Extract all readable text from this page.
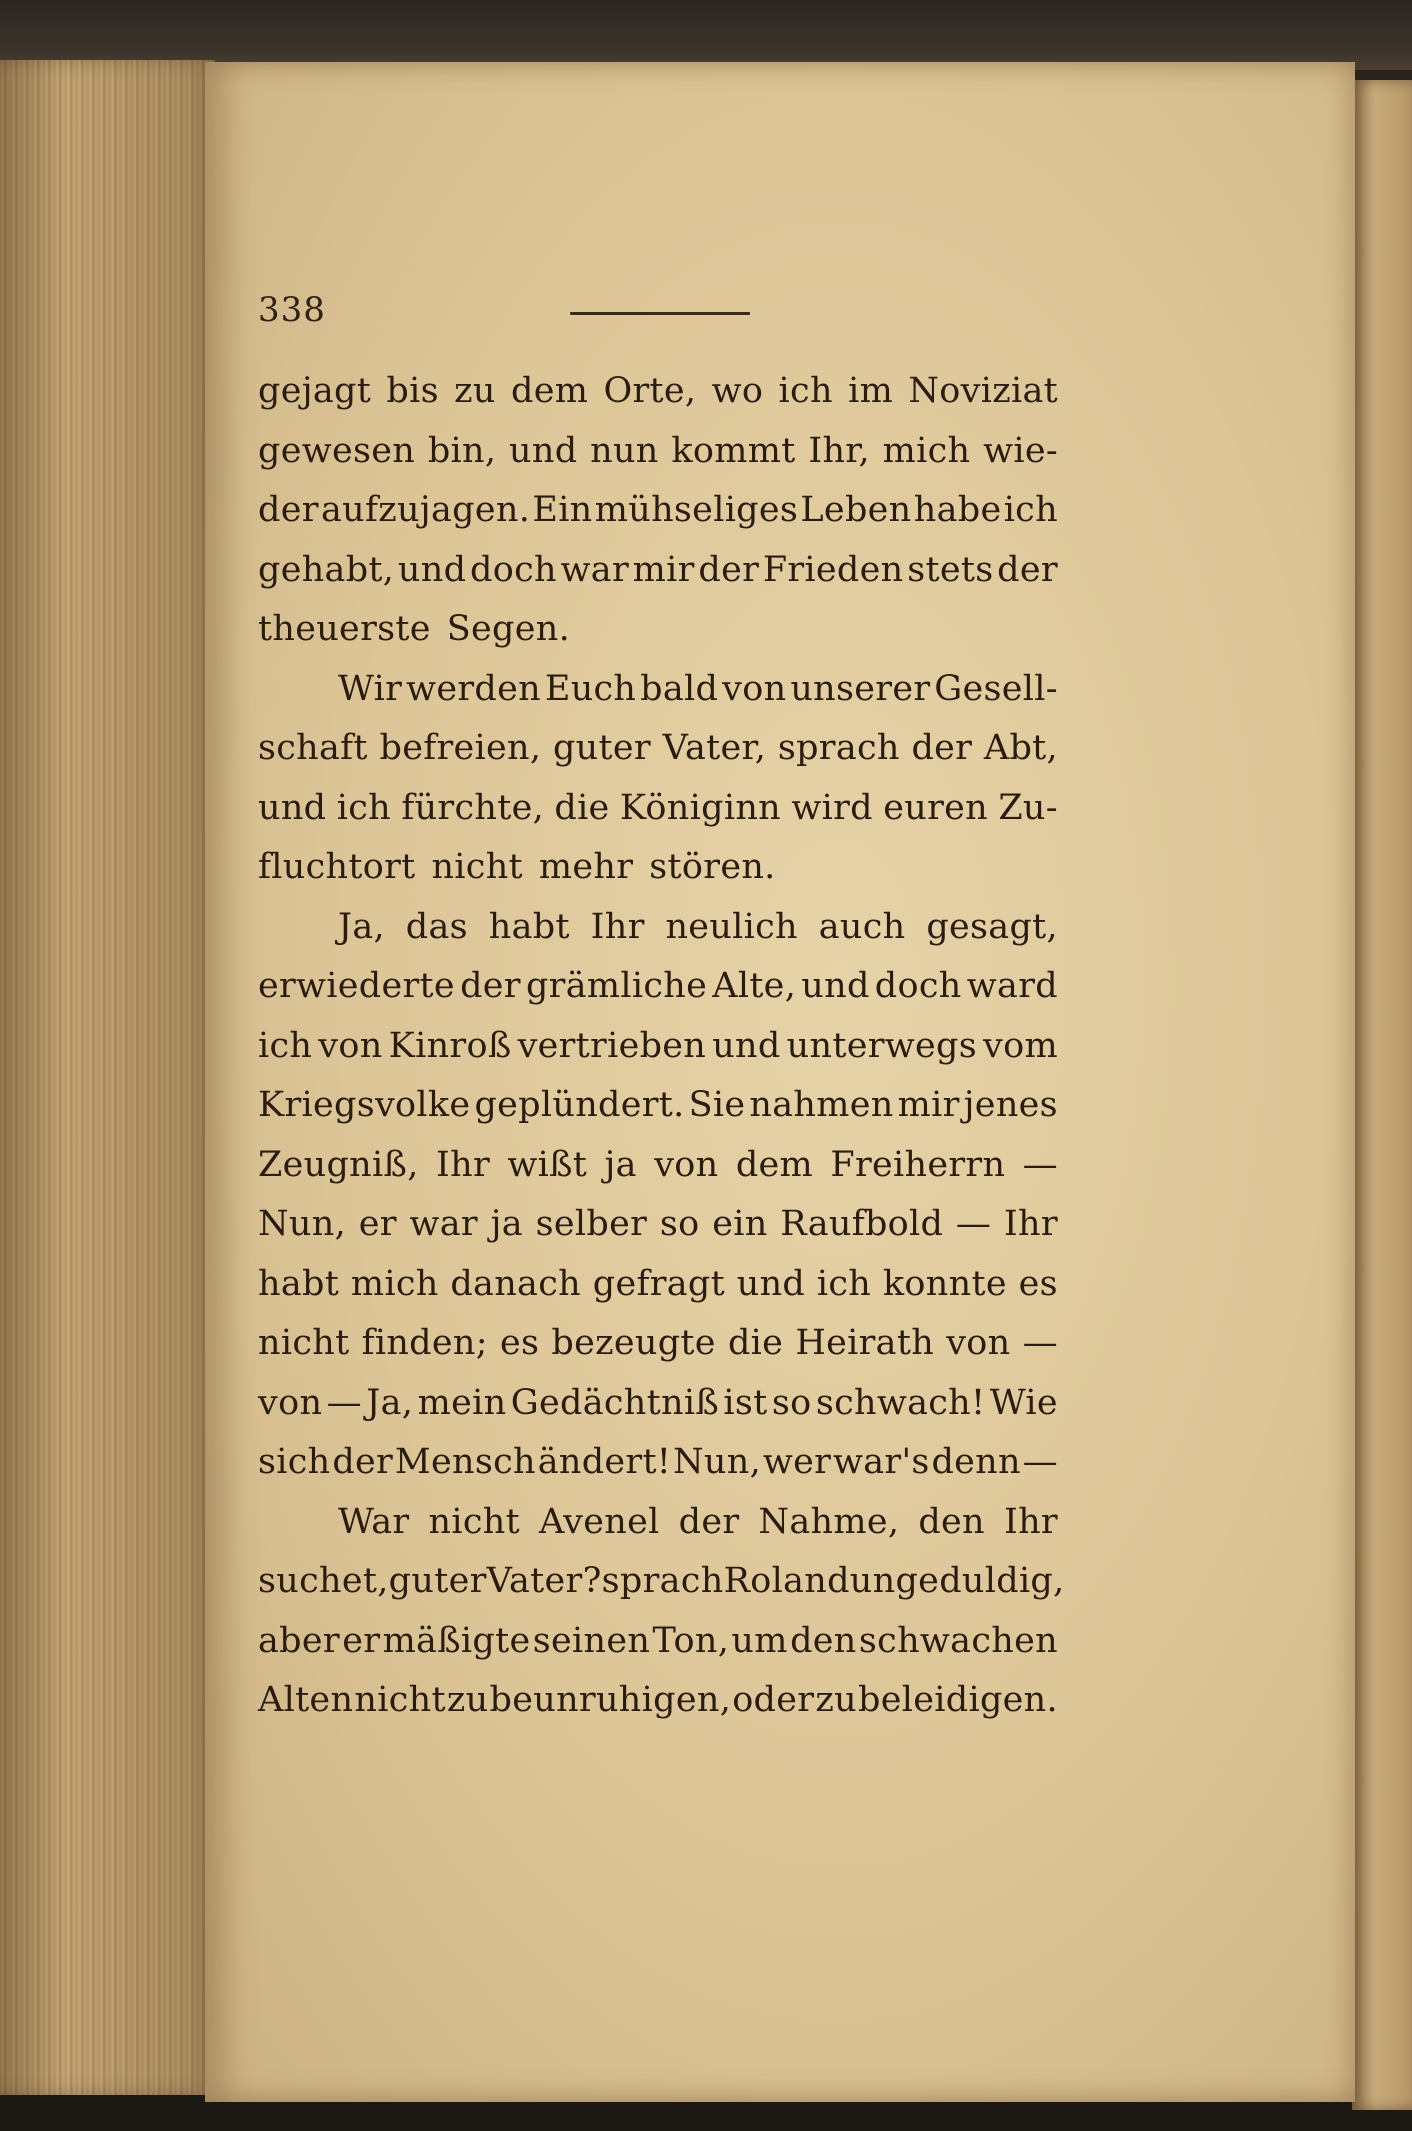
338
gejagt bis zu dem Orte, wo ich im Noviziat
gewesen bin, und nun kommt Ihr, mich wie-
der aufzujagen. Ein mühseliges Leben habe ich
gehabt, und doch war mir der Frieden stets der
theuerste Segen.
Wir werden Euch bald von unserer Gesell-
schaft befreien, guter Vater, sprach der Abt,
und ich fürchte, die Königinn wird euren Zu-
fluchtort nicht mehr stören.
Ja, das habt Ihr neulich auch gesagt,
erwiederte der grämliche Alte, und doch ward
ich von Kinroß vertrieben und unterwegs vom
Kriegsvolke geplündert. Sie nahmen mir jenes
Zeugniß, Ihr wißt ja von dem Freiherrn —
Nun, er war ja selber so ein Raufbold — Ihr
habt mich danach gefragt und ich konnte es
nicht finden; es bezeugte die Heirath von —
von — Ja, mein Gedächtniß ist so schwach! Wie
sich der Mensch ändert! Nun, wer war's denn —
War nicht Avenel der Nahme, den Ihr
suchet, guter Vater? sprach Roland ungeduldig,
aber er mäßigte seinen Ton, um den schwachen
Alten nicht zu beunruhigen, oder zu beleidigen.
